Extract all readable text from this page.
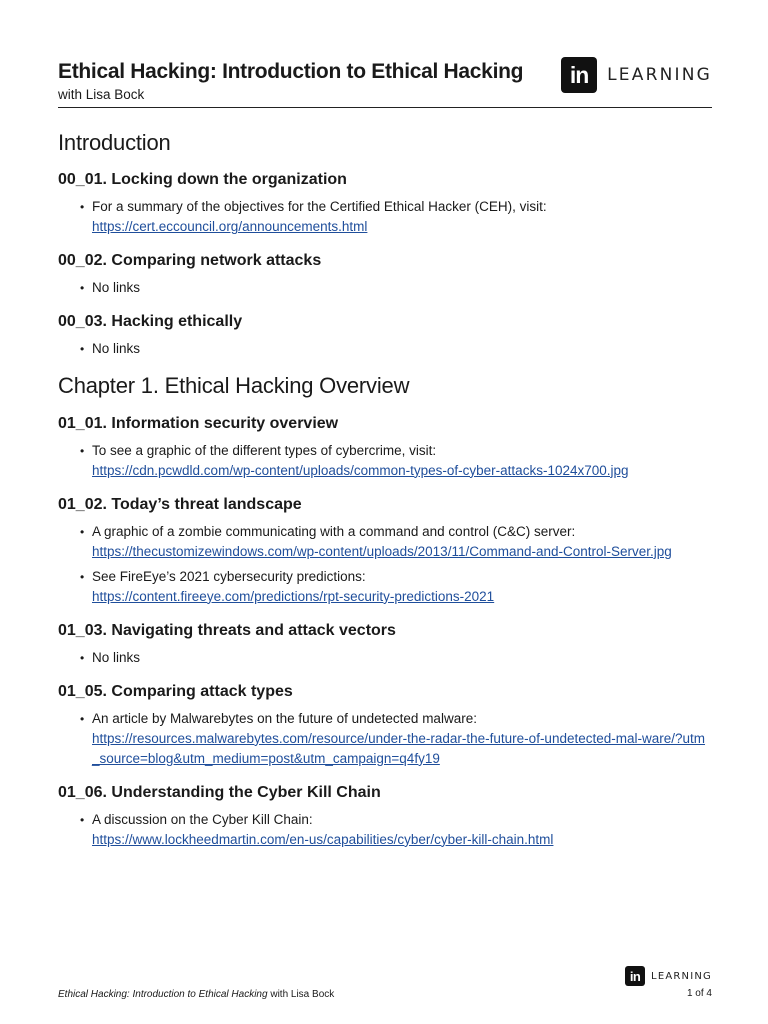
Ethical Hacking: Introduction to Ethical Hacking
with Lisa Bock
in	LEARNING
Introduction
00_01. Locking down the organization
• For a summary of the objectives for the Certified Ethical Hacker (CEH), visit:
https://cert.eccouncil.org/announcements.html
00_02. Comparing network attacks
• No links
00_03. Hacking ethically
• No links
Chapter 1. Ethical Hacking Overview
01_01. Information security overview
• To see a graphic of the different types of cybercrime, visit:
https://cdn.pcwdld.com/wp-content/uploads/common-types-of-cyber-attacks-1024x700.jpg
01_02. Today’s threat landscape
• A graphic of a zombie communicating with a command and control (C&C) server:
https://thecustomizewindows.com/wp-content/uploads/2013/11/Command-and-Control-Server.jpg
• See FireEye’s 2021 cybersecurity predictions:
https://content.fireeye.com/predictions/rpt-security-predictions-2021
01_03. Navigating threats and attack vectors
• No links
01_05. Comparing attack types
• An article by Malwarebytes on the future of undetected malware:
https://resources.malwarebytes.com/resource/under-the-radar-the-future-of-undetected-mal-ware/?utm_source=blog&utm_medium=post&utm_campaign=q4fy19
01_06. Understanding the Cyber Kill Chain
• A discussion on the Cyber Kill Chain:
https://www.lockheedmartin.com/en-us/capabilities/cyber/cyber-kill-chain.html
in	LEARNING
Ethical Hacking: Introduction to Ethical Hacking with Lisa Bock	1 of 4
